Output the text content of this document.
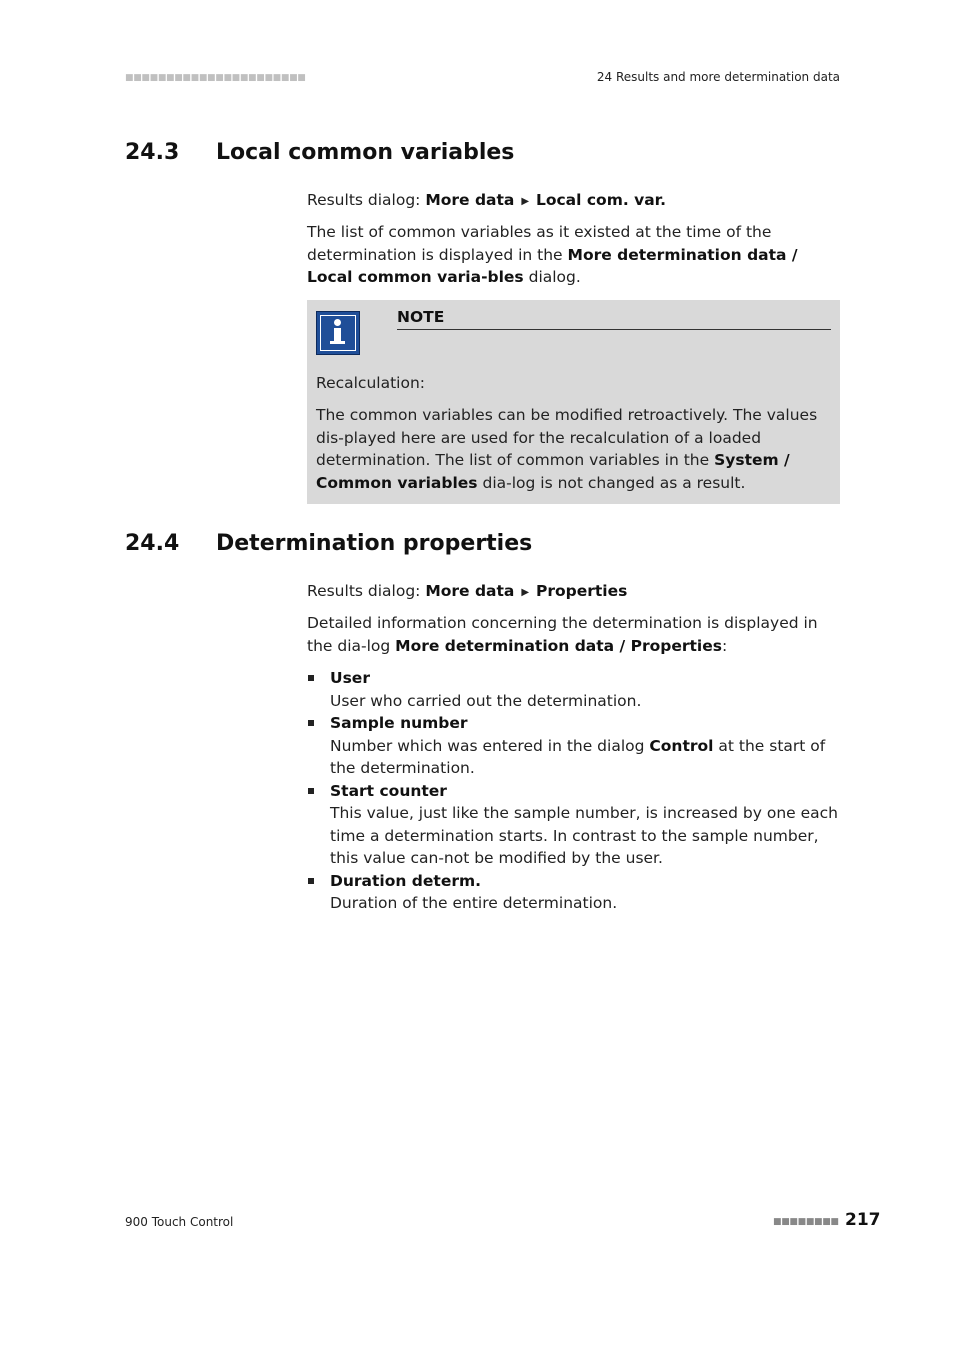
■■■■■■■■■■■■■■■■■■■■■■	24 Results and more determination data
24.3 Local common variables

Results dialog: More data ▶ Local com. var.

The list of common variables as it existed at the time of the determination is displayed in the More determination data / Local common varia-bles dialog.

NOTE

Recalculation:

The common variables can be modified retroactively. The values dis-played here are used for the recalculation of a loaded determination. The list of common variables in the System / Common variables dia-log is not changed as a result.

24.4 Determination properties

Results dialog: More data ▶ Properties

Detailed information concerning the determination is displayed in the dia-log More determination data / Properties:

User
User who carried out the determination.
Sample number
Number which was entered in the dialog Control at the start of the determination.
Start counter
This value, just like the sample number, is increased by one each time a determination starts. In contrast to the sample number, this value can-not be modified by the user.
Duration determ.
Duration of the entire determination.
900 Touch Control	■■■■■■■■ 217
